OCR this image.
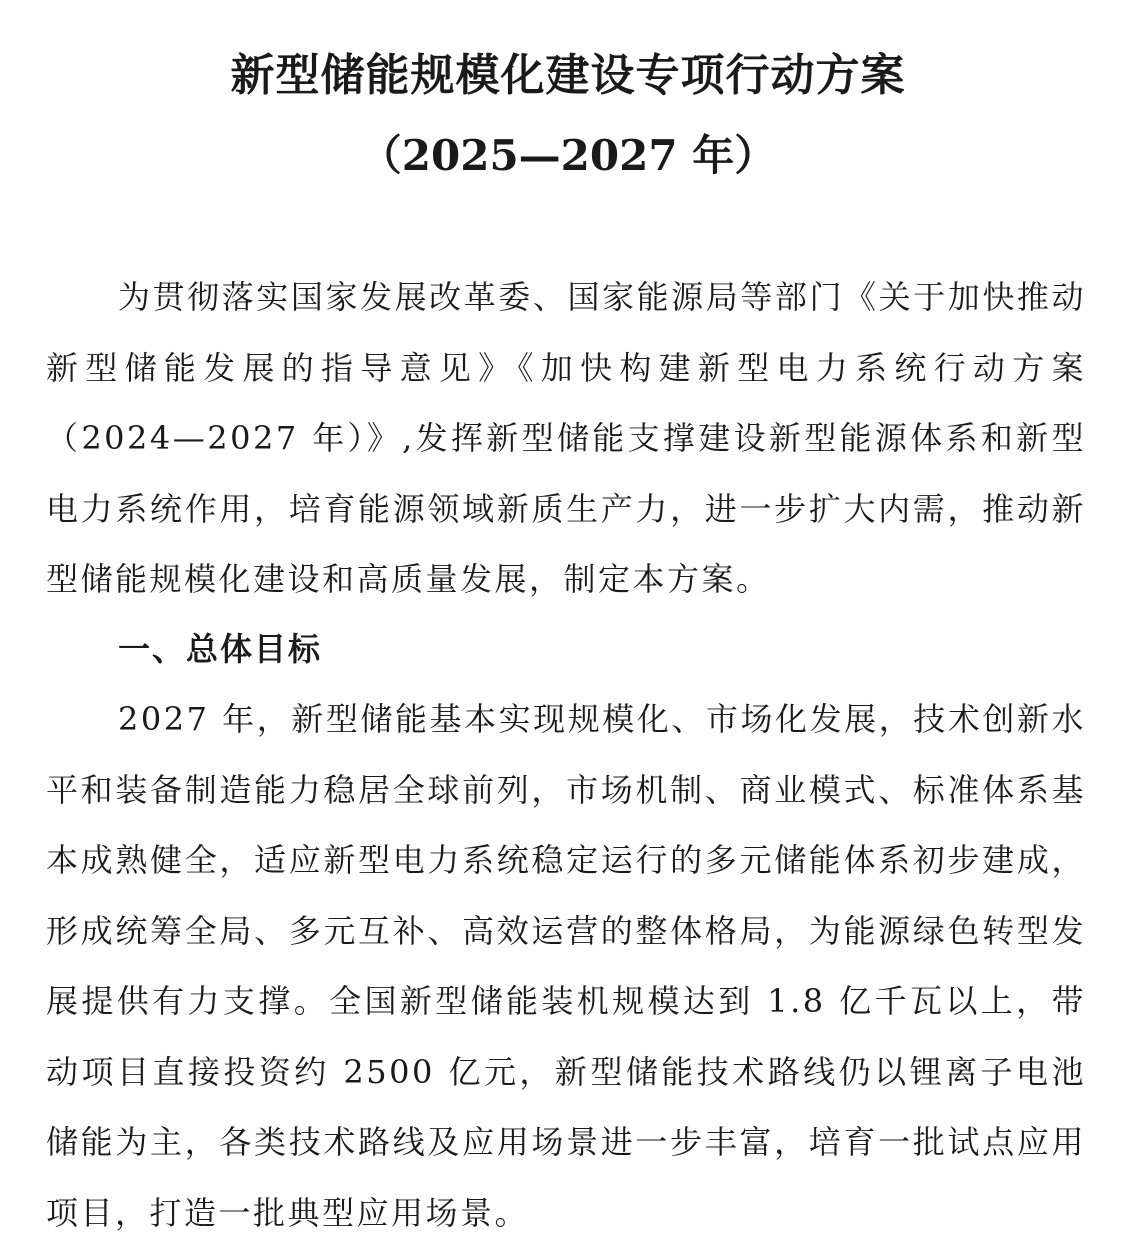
新型储能规模化建设专项行动方案
（2025—2027 年）

为贯彻落实国家发展改革委、国家能源局等部门《关于加快推动新型储能发展的指导意见》《加快构建新型电力系统行动方案（2024—2027 年）》,发挥新型储能支撑建设新型能源体系和新型电力系统作用，培育能源领域新质生产力，进一步扩大内需，推动新型储能规模化建设和高质量发展，制定本方案。

一、总体目标

2027 年，新型储能基本实现规模化、市场化发展，技术创新水平和装备制造能力稳居全球前列，市场机制、商业模式、标准体系基本成熟健全，适应新型电力系统稳定运行的多元储能体系初步建成，形成统筹全局、多元互补、高效运营的整体格局，为能源绿色转型发展提供有力支撑。全国新型储能装机规模达到 1.8 亿千瓦以上，带动项目直接投资约 2500 亿元，新型储能技术路线仍以锂离子电池储能为主，各类技术路线及应用场景进一步丰富，培育一批试点应用项目，打造一批典型应用场景。
